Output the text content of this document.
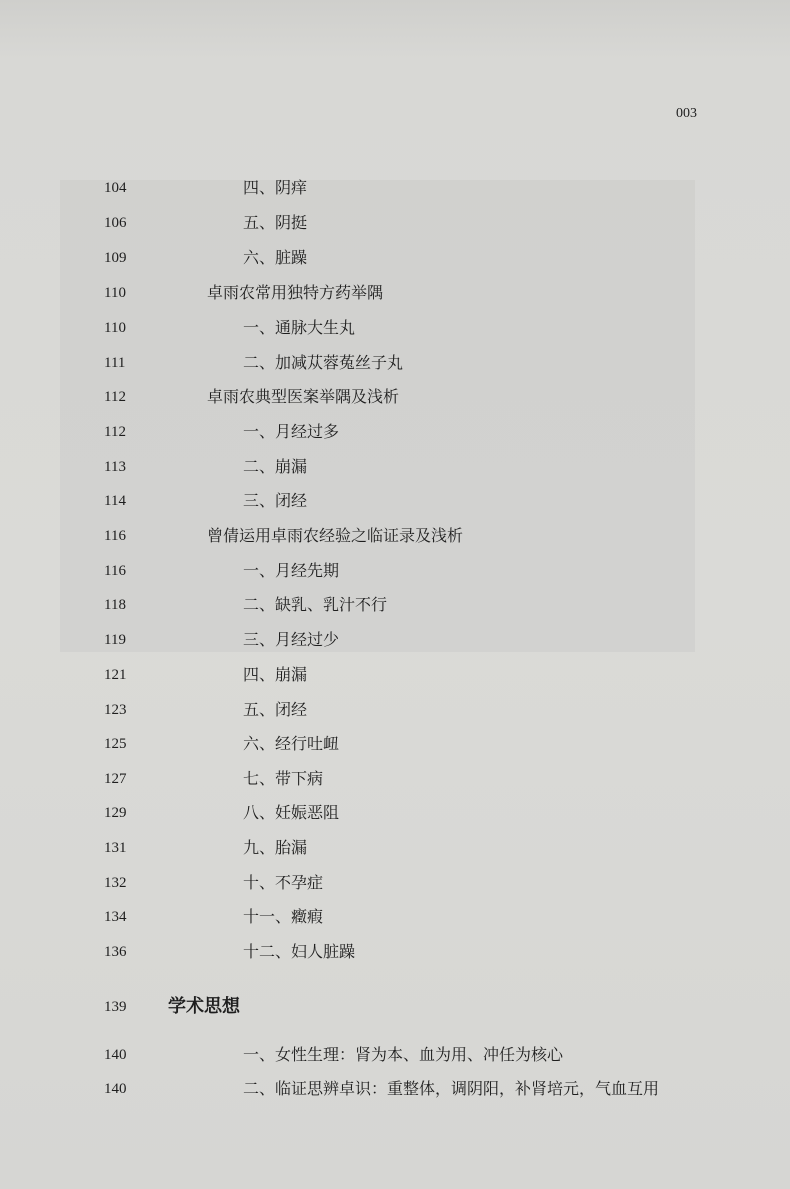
003
104	四、阴痒
106	五、阴挺
109	六、脏躁
110	卓雨农常用独特方药举隅
110	一、通脉大生丸
111	二、加减苁蓉菟丝子丸
112	卓雨农典型医案举隅及浅析
112	一、月经过多
113	二、崩漏
114	三、闭经
116	曾倩运用卓雨农经验之临证录及浅析
116	一、月经先期
118	二、缺乳、乳汁不行
119	三、月经过少
121	四、崩漏
123	五、闭经
125	六、经行吐衄
127	七、带下病
129	八、妊娠恶阻
131	九、胎漏
132	十、不孕症
134	十一、癥瘕
136	十二、妇人脏躁
139 学术思想
140	一、女性生理：肾为本、血为用、冲任为核心
140	二、临证思辨卓识：重整体，调阴阳，补肾培元，气血互用
